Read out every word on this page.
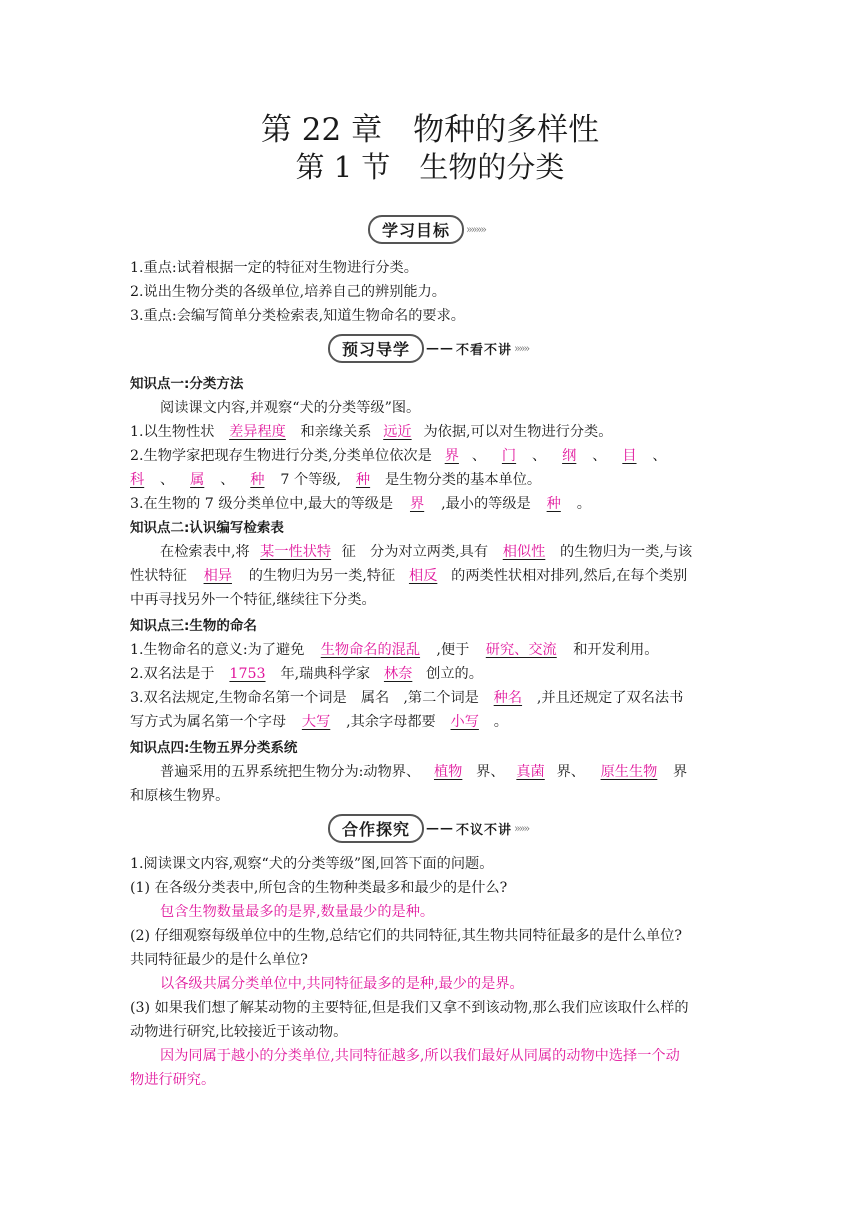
第 22 章　物种的多样性
第 1 节　生物的分类
学习目标	»»»»
1.重点:试着根据一定的特征对生物进行分类。
2.说出生物分类的各级单位,培养自己的辨别能力。
3.重点:会编写简单分类检索表,知道生物命名的要求。
预习导学	—— 不看不讲 »»»
知识点一:分类方法
阅读课文内容,并观察“犬的分类等级”图。
1.以生物性状 差异程度 和亲缘关系 远近 为依据,可以对生物进行分类。
2.生物学家把现存生物进行分类,分类单位依次是 界 、 门 、 纲 、 目 、
科 、 属 、 种 7 个等级, 种 是生物分类的基本单位。
3.在生物的 7 级分类单位中,最大的等级是 界 ,最小的等级是 种 。
知识点二:认识编写检索表
在检索表中,将 某一性状特 征　分为对立两类,具有 相似性 的生物归为一类,与该
性状特征 相异 的生物归为另一类,特征 相反 的两类性状相对排列,然后,在每个类别
中再寻找另外一个特征,继续往下分类。
知识点三:生物的命名
1.生物命名的意义:为了避免 生物命名的混乱 ,便于 研究、交流 和开发利用。
2.双名法是于 1753 年,瑞典科学家 林奈 创立的。
3.双名法规定,生物命名第一个词是　属名　,第二个词是 种名 ,并且还规定了双名法书
写方式为属名第一个字母 大写 ,其余字母都要 小写 。
知识点四:生物五界分类系统
普遍采用的五界系统把生物分为:动物界、 植物 界、 真菌 界、 原生生物 界
和原核生物界。
合作探究	—— 不议不讲 »»»
1.阅读课文内容,观察“犬的分类等级”图,回答下面的问题。
(1) 在各级分类表中,所包含的生物种类最多和最少的是什么?
包含生物数量最多的是界,数量最少的是种。
(2) 仔细观察每级单位中的生物,总结它们的共同特征,其生物共同特征最多的是什么单位?
共同特征最少的是什么单位?
以各级共属分类单位中,共同特征最多的是种,最少的是界。
(3) 如果我们想了解某动物的主要特征,但是我们又拿不到该动物,那么我们应该取什么样的
动物进行研究,比较接近于该动物。
因为同属于越小的分类单位,共同特征越多,所以我们最好从同属的动物中选择一个动
物进行研究。
